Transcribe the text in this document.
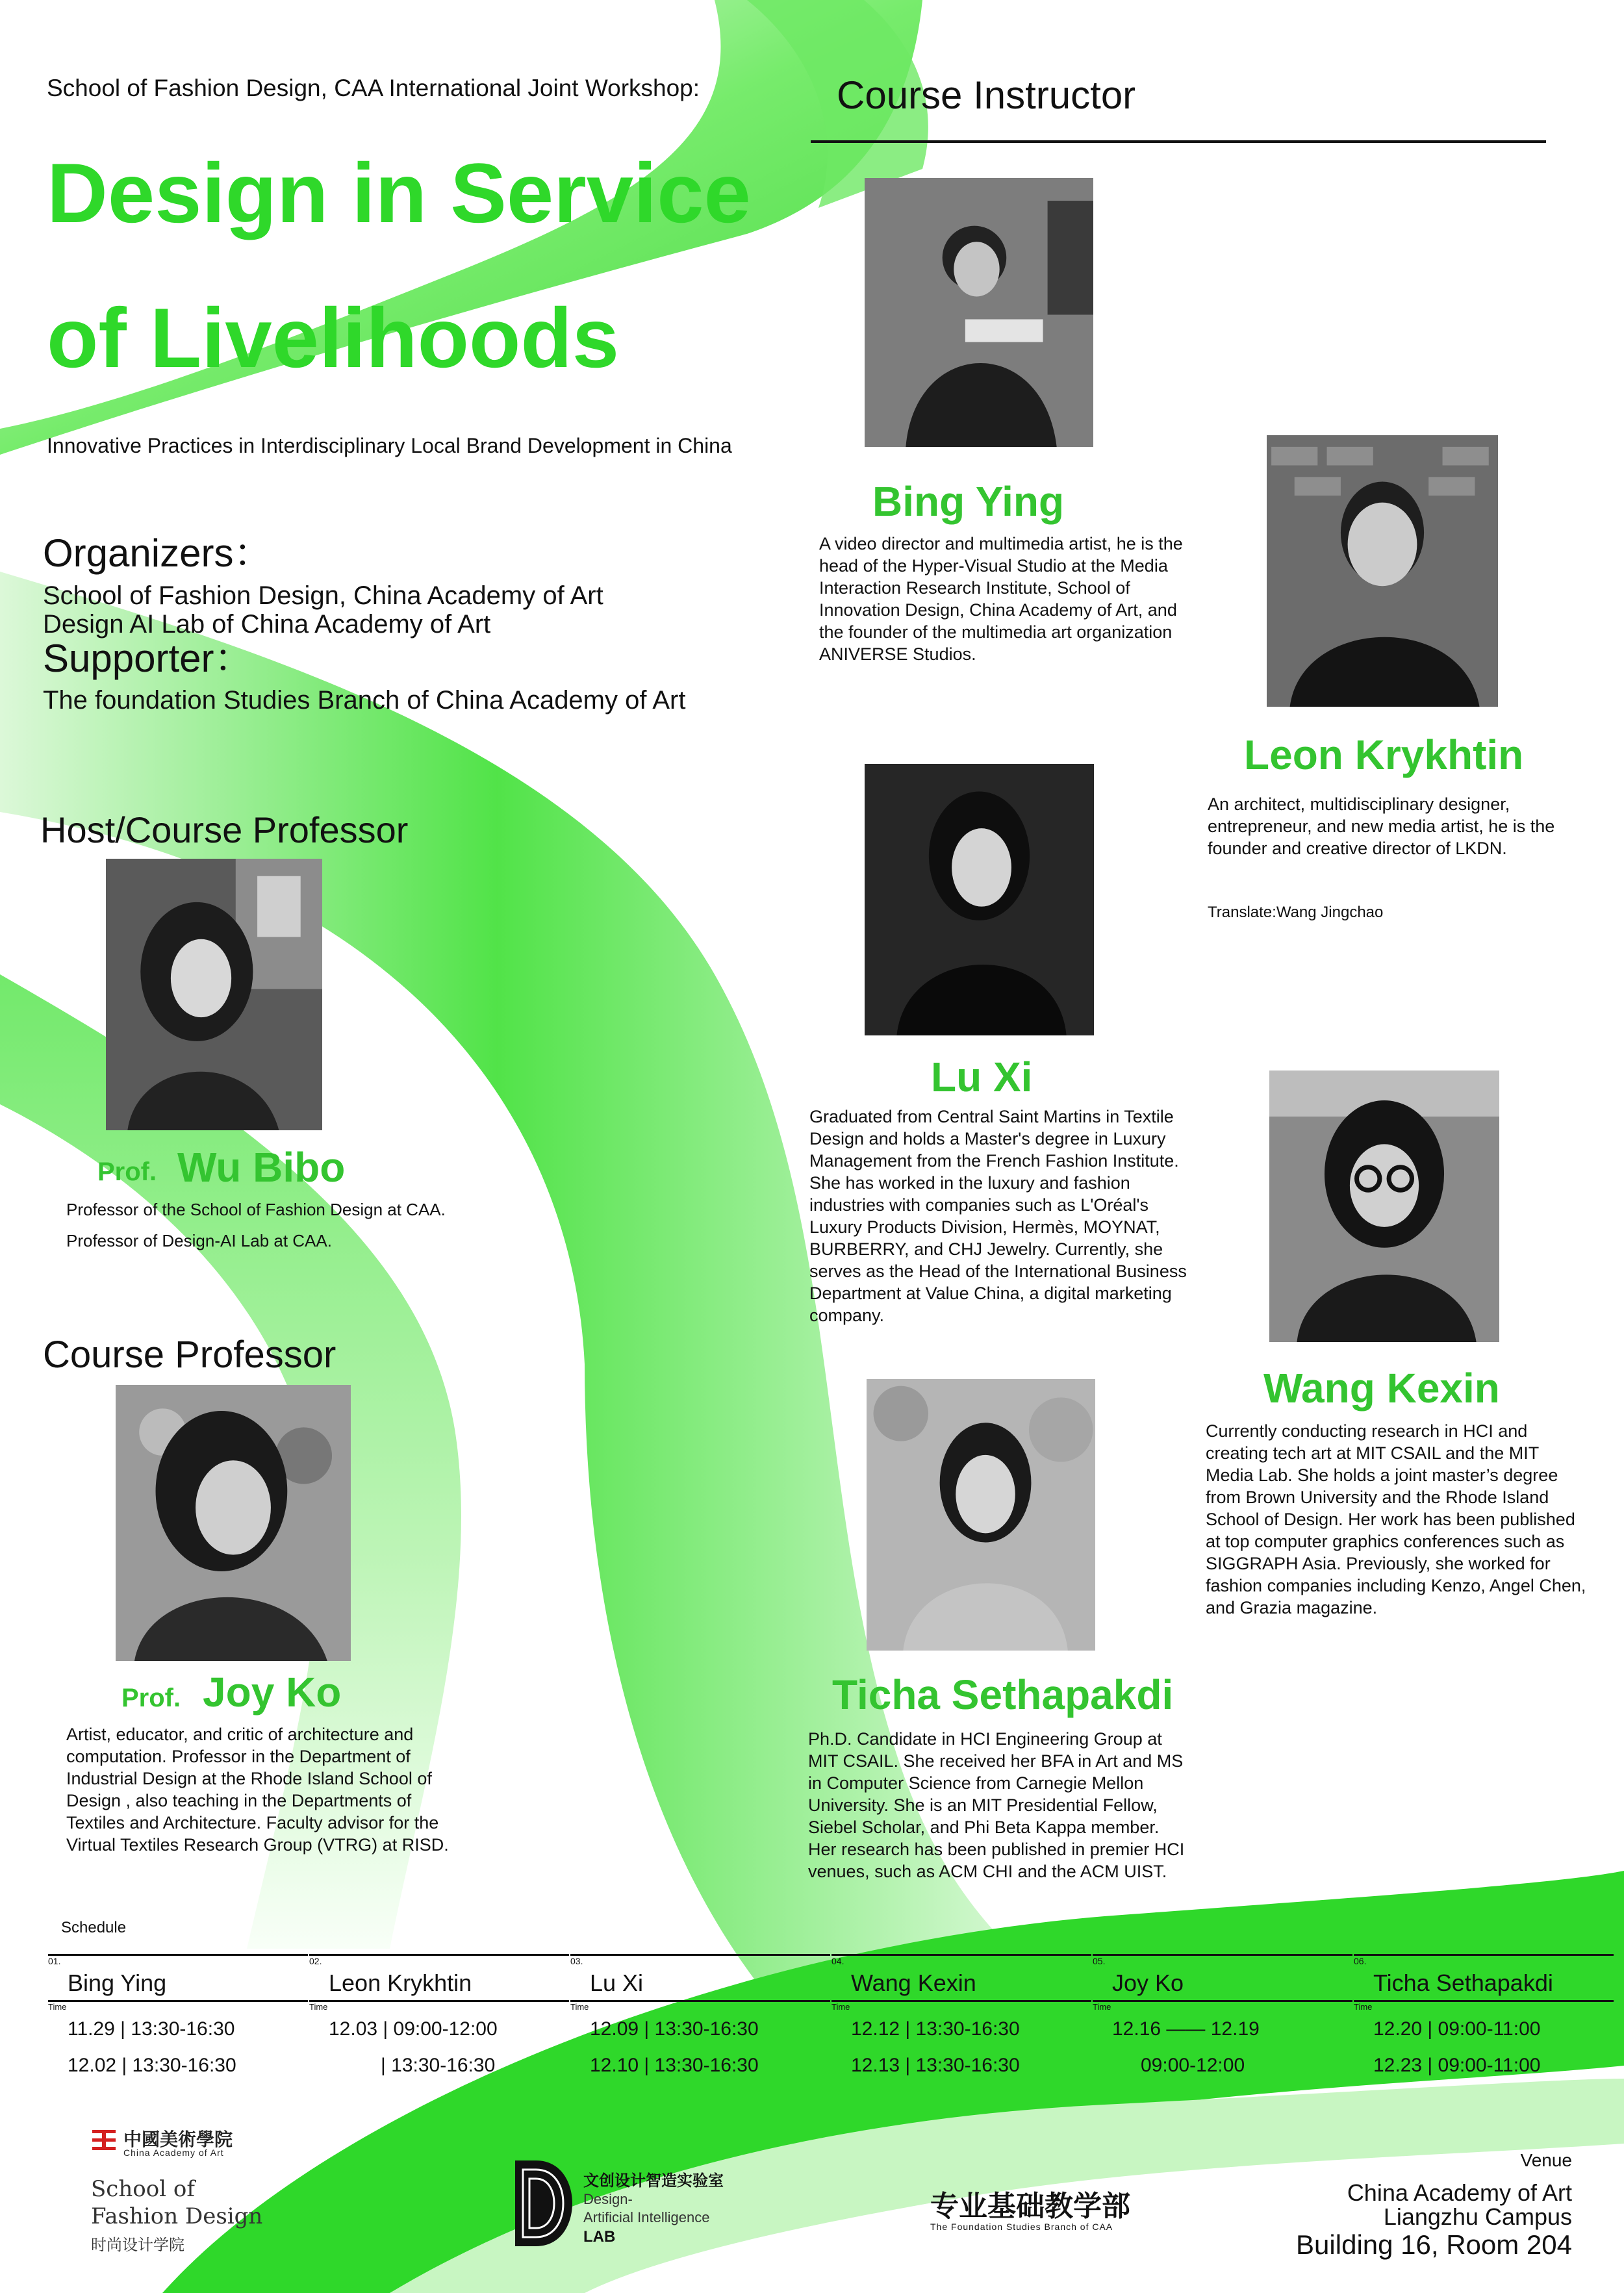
School of Fashion Design, CAA International Joint Workshop:
Design in Service
of Livelihoods
Innovative Practices in Interdisciplinary Local Brand Development in China
Organizers：
School of Fashion Design, China Academy of Art
Design AI Lab of China Academy of Art
Supporter：
The foundation Studies Branch of China Academy of Art
Host/Course Professor
Prof. Wu Bibo
Professor of the School of Fashion Design at CAA.
Professor of Design-AI Lab at CAA.
Course Professor
Prof. Joy Ko
Artist, educator, and critic of architecture and computation. Professor in the Department of Industrial Design at the Rhode Island School of Design , also teaching in the Departments of Textiles and Architecture. Faculty advisor for the Virtual Textiles Research Group (VTRG) at RISD.
Course Instructor
Bing Ying
A video director and multimedia artist, he is the head of the Hyper-Visual Studio at the Media Interaction Research Institute, School of Innovation Design, China Academy of Art, and the founder of the multimedia art organization ANIVERSE Studios.
Leon Krykhtin
An architect, multidisciplinary designer, entrepreneur, and new media artist, he is the founder and creative director of LKDN.
Translate:Wang Jingchao
Lu Xi
Graduated from Central Saint Martins in Textile Design and holds a Master's degree in Luxury Management from the French Fashion Institute. She has worked in the luxury and fashion industries with companies such as L'Oréal's Luxury Products Division, Hermès, MOYNAT, BURBERRY, and CHJ Jewelry. Currently, she serves as the Head of the International Business Department at Value China, a digital marketing company.
Wang Kexin
Currently conducting research in HCI and creating tech art at MIT CSAIL and the MIT Media Lab. She holds a joint master’s degree from Brown University and the Rhode Island School of Design. Her work has been published at top computer graphics conferences such as SIGGRAPH Asia. Previously, she worked for fashion companies including Kenzo, Angel Chen, and Grazia magazine.
Ticha Sethapakdi
Ph.D. Candidate in HCI Engineering Group at MIT CSAIL. She received her BFA in Art and MS in Computer Science from Carnegie Mellon University. She is an MIT Presidential Fellow, Siebel Scholar, and Phi Beta Kappa member. Her research has been published in premier HCI venues, such as ACM CHI and the ACM UIST.
Schedule
01.
Bing Ying
Time
11.29 | 13:30-16:30
12.02 | 13:30-16:30
02.
Leon Krykhtin
Time
12.03 | 09:00-12:00
| 13:30-16:30
03.
Lu Xi
Time
12.09 | 13:30-16:30
12.10 | 13:30-16:30
04.
Wang Kexin
Time
12.12 | 13:30-16:30
12.13 | 13:30-16:30
05.
Joy Ko
Time
12.16 —— 12.19
09:00-12:00
06.
Ticha Sethapakdi
Time
12.20 | 09:00-11:00
12.23 | 09:00-11:00
中國美術學院
China Academy of Art
School of
Fashion Design
时尚设计学院
文创设计智造实验室
Design-
Artificial Intelligence
LAB
专业基础教学部
The Foundation Studies Branch of CAA
Venue
China Academy of Art
Liangzhu Campus
Building 16, Room 204
